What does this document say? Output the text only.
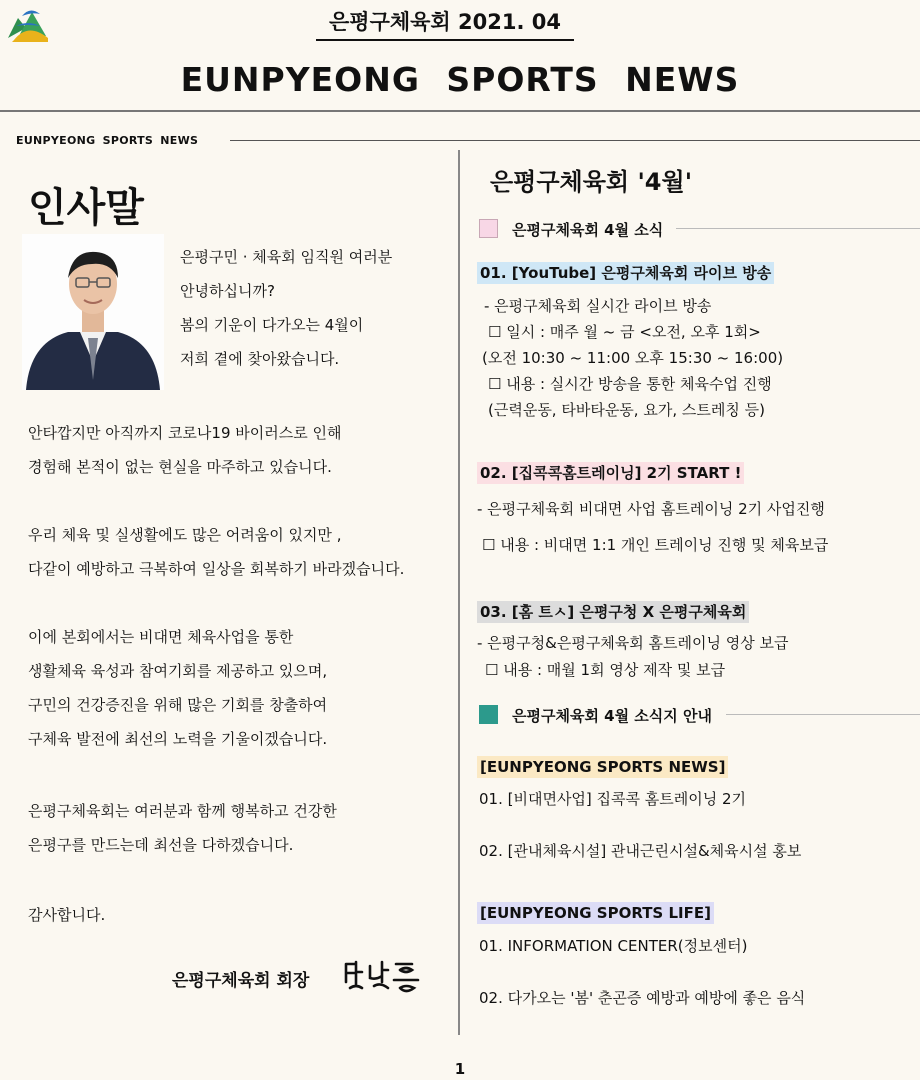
은평구체육회 2021. 04
EUNPYEONG SPORTS NEWS
EUNPYEONG SPORTS NEWS
인사말

은평구민 · 체육회 임직원 여러분

안녕하십니까?

봄의 기운이 다가오는 4월이

저희 곁에 찾아왔습니다.

안타깝지만 아직까지 코로나19 바이러스로 인해

경험해 본적이 없는 현실을 마주하고 있습니다.

우리 체육 및 실생활에도 많은 어려움이 있지만 ,

다같이 예방하고 극복하여 일상을 회복하기 바라겠습니다.

이에 본회에서는 비대면 체육사업을 통한

생활체육 육성과 참여기회를 제공하고 있으며,

구민의 건강증진을 위해 많은 기회를 창출하여

구체육 발전에 최선의 노력을 기울이겠습니다.

은평구체육회는 여러분과 함께 행복하고 건강한

은평구를 만드는데 최선을 다하겠습니다.

감사합니다.

은평구체육회 회장
은평구체육회 '4월'
은평구체육회 4월 소식
01. [YouTube] 은평구체육회 라이브 방송
- 은평구체육회 실시간 라이브 방송
☐ 일시 : 매주 월 ~ 금 <오전, 오후 1회>
(오전 10:30 ~ 11:00 오후 15:30 ~ 16:00)
☐ 내용 : 실시간 방송을 통한 체육수업 진행
(근력운동, 타바타운동, 요가, 스트레칭 등)
02. [집콕콕홈트레이닝] 2기 START !
- 은평구체육회 비대면 사업 홈트레이닝 2기 사업진행
☐ 내용 : 비대면 1:1 개인 트레이닝 진행 및 체육보급
03. [홈 트ㅅ] 은평구청 X 은평구체육회
- 은평구청&은평구체육회 홈트레이닝 영상 보급
☐ 내용 : 매월 1회 영상 제작 및 보급
은평구체육회 4월 소식지 안내
[EUNPYEONG SPORTS NEWS]
01. [비대면사업] 집콕콕 홈트레이닝 2기
02. [관내체육시설] 관내근린시설&체육시설 홍보
[EUNPYEONG SPORTS LIFE]
01. INFORMATION CENTER(정보센터)
02. 다가오는 '봄' 춘곤증 예방과 예방에 좋은 음식
1
